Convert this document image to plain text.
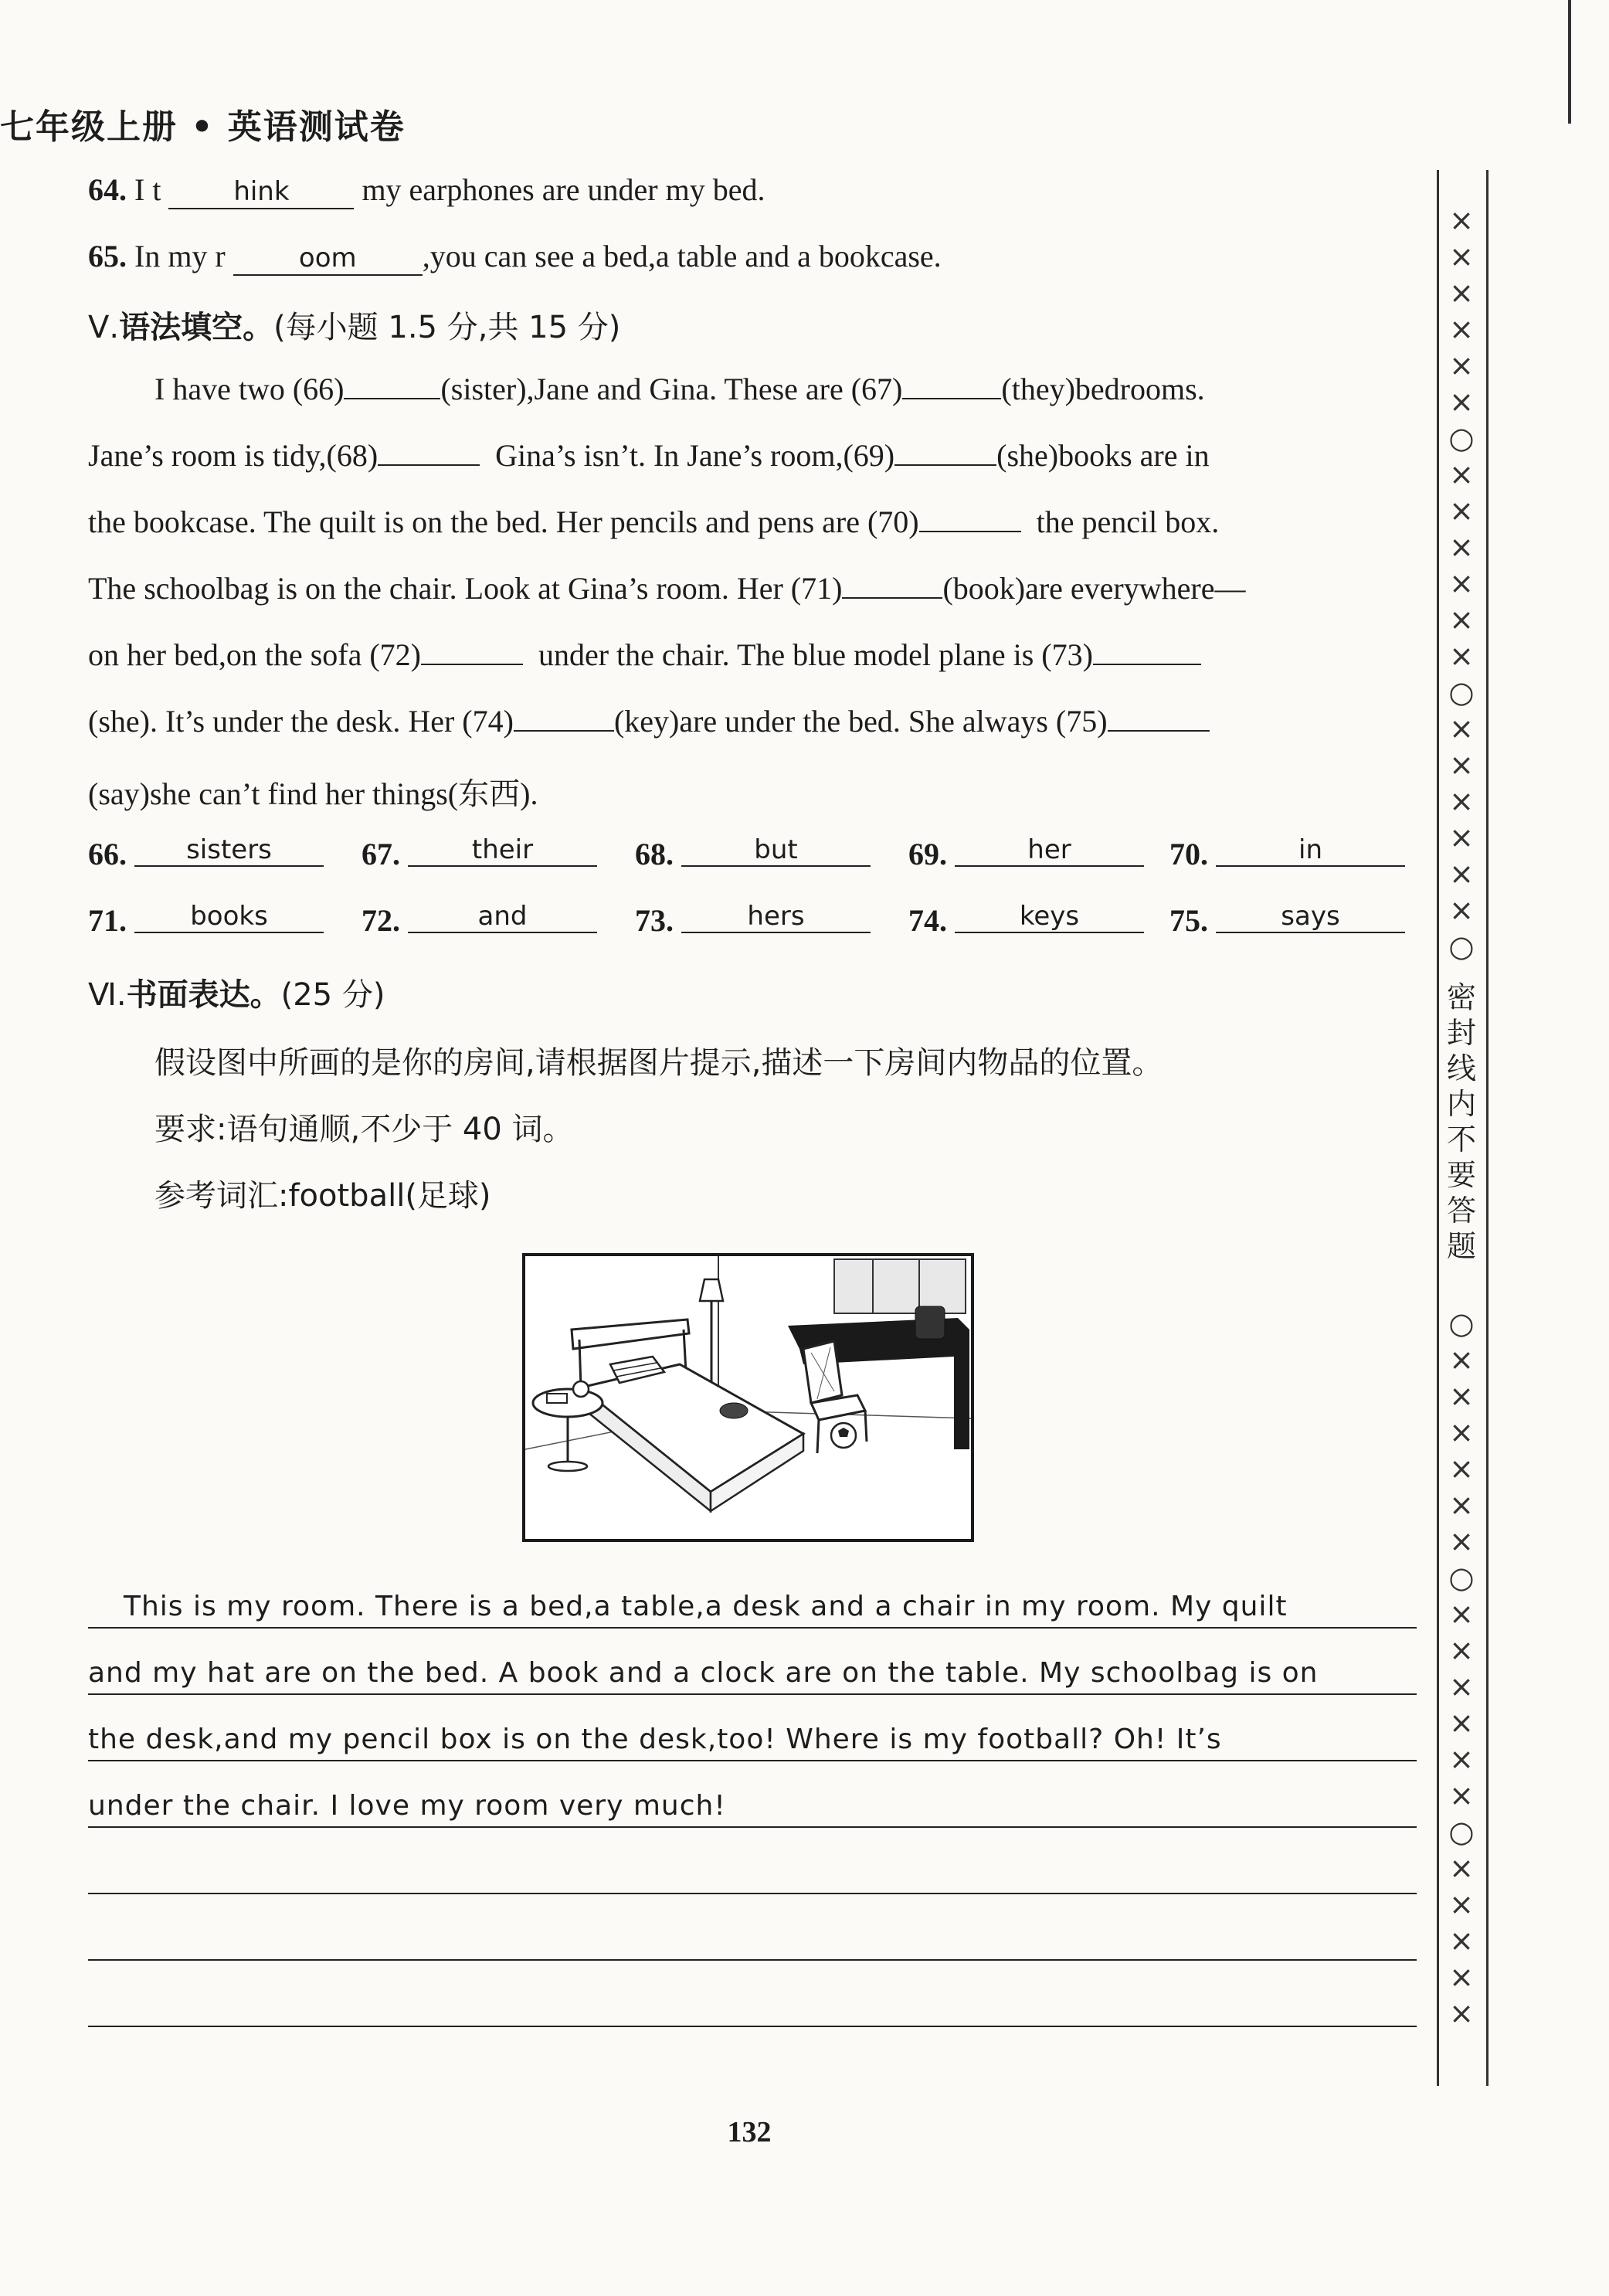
七年级上册 • 英语测试卷
64. I t	hink my earphones are under my bed.
65. In my r	oom ,you can see a bed,a table and a bookcase.
Ⅴ.语法填空。(每小题 1.5 分,共 15 分)
I have two (66)	(sister),Jane and Gina. These are (67)	(they)bedrooms.
Jane’s room is tidy,(68)	Gina’s isn’t. In Jane’s room,(69)	(she)books are in
the bookcase. The quilt is on the bed. Her pencils and pens are (70)	the pencil box.
The schoolbag is on the chair. Look at Gina’s room. Her (71)	(book)are everywhere—
on her bed,on the sofa (72)	under the chair. The blue model plane is (73)
(she). It’s under the desk. Her (74)	(key)are under the bed. She always (75)
(say)she can’t find her things(东西).
66.	sisters	67.	their	68.	but	69.	her	70.	in
71.	books	72.	and	73.	hers	74.	keys	75.	says
Ⅵ.书面表达。(25 分)
假设图中所画的是你的房间,请根据图片提示,描述一下房间内物品的位置。
要求:语句通顺,不少于 40 词。
参考词汇:football(足球)
This is my room. There is a bed,a table,a desk and a chair in my room. My quilt
and my hat are on the bed. A book and a clock are on the table. My schoolbag is on
the desk,and my pencil box is on the desk,too! Where is my football? Oh! It’s
under the chair. I love my room very much!
132
××××××○××××××○××××××○
密封线内不要答题
○××××××○××××××○×××××
